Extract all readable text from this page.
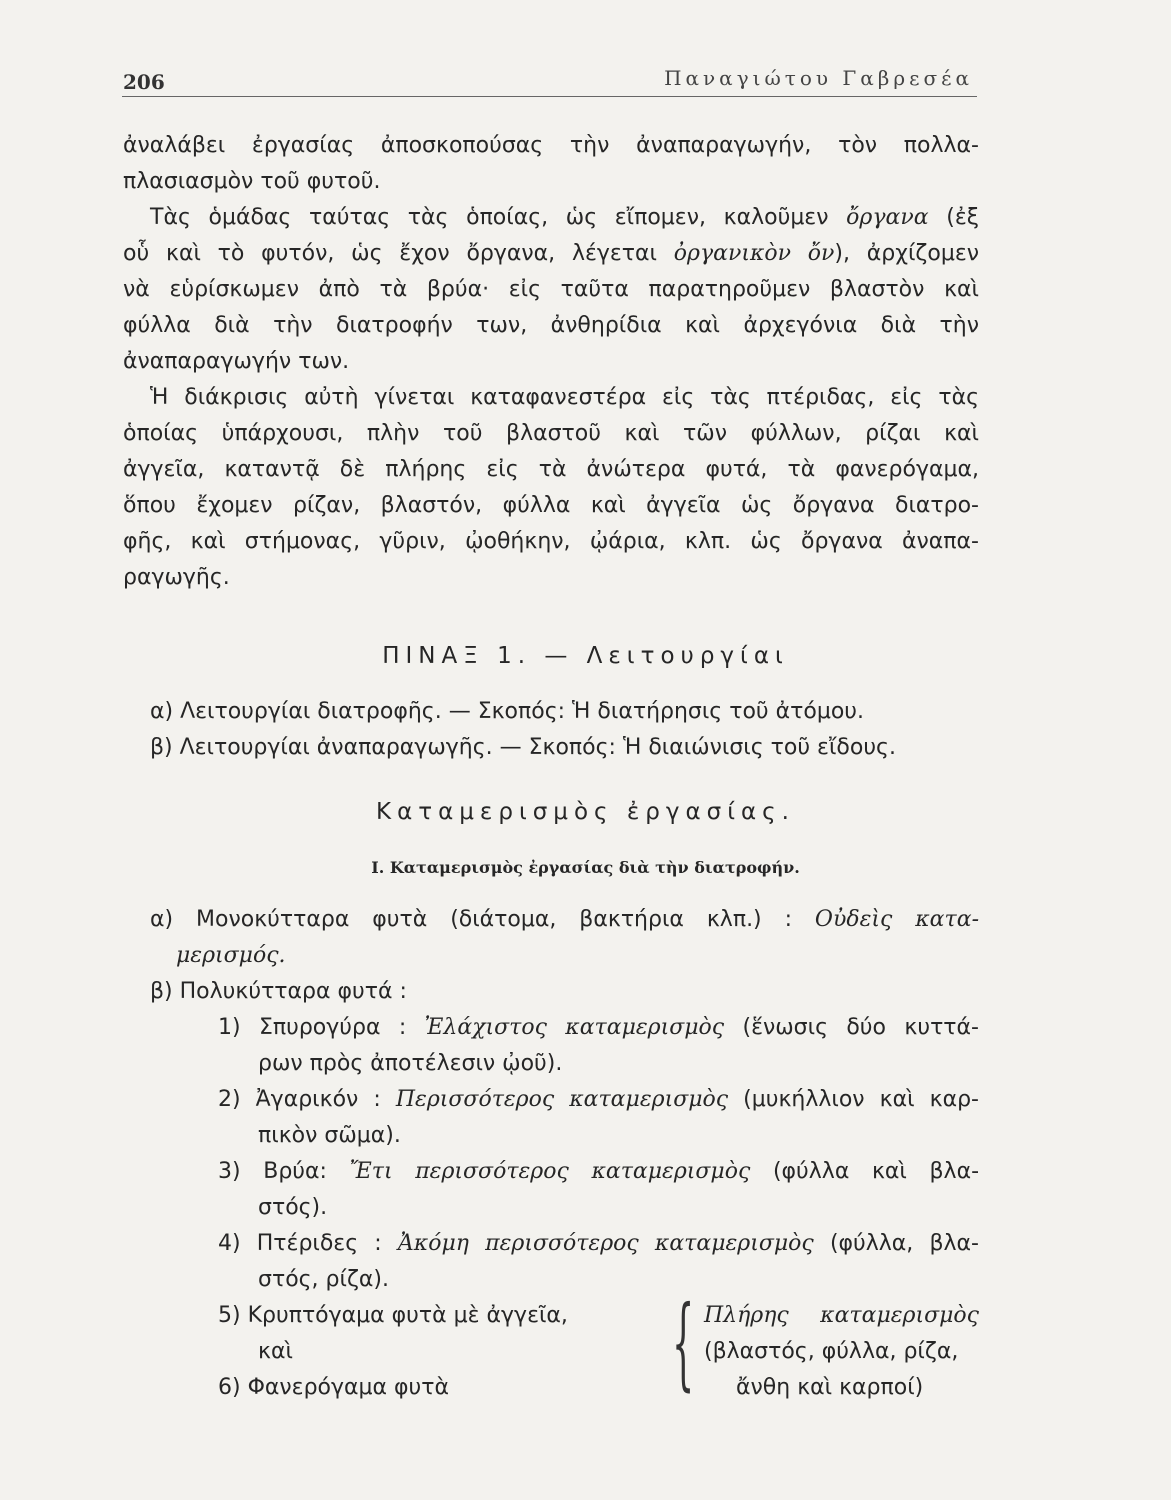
206	Παναγιώτου Γαβρεσέα
ἀναλάβει ἐργασίας ἀποσκοπούσας τὴν ἀναπαραγωγήν, τὸν πολλα-
πλασιασμὸν τοῦ φυτοῦ.
Τὰς ὁμάδας ταύτας τὰς ὁποίας, ὡς εἴπομεν, καλοῦμεν ὄργανα (ἐξ
οὗ καὶ τὸ φυτόν, ὡς ἔχον ὄργανα, λέγεται ὀργανικὸν ὄν), ἀρχίζομεν
νὰ εὑρίσκωμεν ἀπὸ τὰ βρύα· εἰς ταῦτα παρατηροῦμεν βλαστὸν καὶ
φύλλα διὰ τὴν διατροφήν των, ἀνθηρίδια καὶ ἀρχεγόνια διὰ τὴν
ἀναπαραγωγήν των.
Ἡ διάκρισις αὐτὴ γίνεται καταφανεστέρα εἰς τὰς πτέριδας, εἰς τὰς
ὁποίας ὑπάρχουσι, πλὴν τοῦ βλαστοῦ καὶ τῶν φύλλων, ρίζαι καὶ
ἀγγεῖα, καταντᾷ δὲ πλήρης εἰς τὰ ἀνώτερα φυτά, τὰ φανερόγαμα,
ὅπου ἔχομεν ρίζαν, βλαστόν, φύλλα καὶ ἀγγεῖα ὡς ὄργανα διατρο-
φῆς, καὶ στήμονας, γῦριν, ᾠοθήκην, ᾠάρια, κλπ. ὡς ὄργανα ἀναπα-
ραγωγῆς.
ΠΙΝΑΞ 1. — Λειτουργίαι
α) Λειτουργίαι διατροφῆς. — Σκοπός: Ἡ διατήρησις τοῦ ἀτόμου.
β) Λειτουργίαι ἀναπαραγωγῆς. — Σκοπός: Ἡ διαιώνισις τοῦ εἴδους.
Καταμερισμὸς ἐργασίας.
Ι. Καταμερισμὸς ἐργασίας διὰ τὴν διατροφήν.
α) Μονοκύτταρα φυτὰ (διάτομα, βακτήρια κλπ.) : Οὐδεὶς κατα-
μερισμός.
β) Πολυκύτταρα φυτά :
1) Σπυρογύρα : Ἐλάχιστος καταμερισμὸς (ἕνωσις δύο κυττά-
ρων πρὸς ἀποτέλεσιν ᾠοῦ).
2) Ἀγαρικόν : Περισσότερος καταμερισμὸς (μυκήλλιον καὶ καρ-
πικὸν σῶμα).
3) Βρύα: Ἔτι περισσότερος καταμερισμὸς (φύλλα καὶ βλα-
στός).
4) Πτέριδες : Ἀκόμη περισσότερος καταμερισμὸς (φύλλα, βλα-
στός, ρίζα).
5) Κρυπτόγαμα φυτὰ μὲ ἀγγεῖα,
καὶ
6) Φανερόγαμα φυτὰ { Πλήρης καταμερισμὸς
(βλαστός, φύλλα, ρίζα,
ἄνθη καὶ καρποί)
